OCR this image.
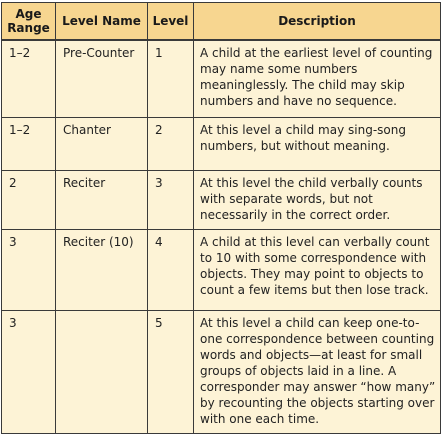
Age Range	Level Name	Level	Description
1–2	Pre-Counter	1	A child at the earliest level of counting may name some numbers meaninglessly. The child may skip numbers and have no sequence.
1–2	Chanter	2	At this level a child may sing-song numbers, but without meaning.
2	Reciter	3	At this level the child verbally counts with separate words, but not necessarily in the correct order.
3	Reciter (10)	4	A child at this level can verbally count to 10 with some correspondence with objects. They may point to objects to count a few items but then lose track.
3		5	At this level a child can keep one-to-one correspondence between counting words and objects—at least for small groups of objects laid in a line. A corresponder may answer “how many” by recounting the objects starting over with one each time.
